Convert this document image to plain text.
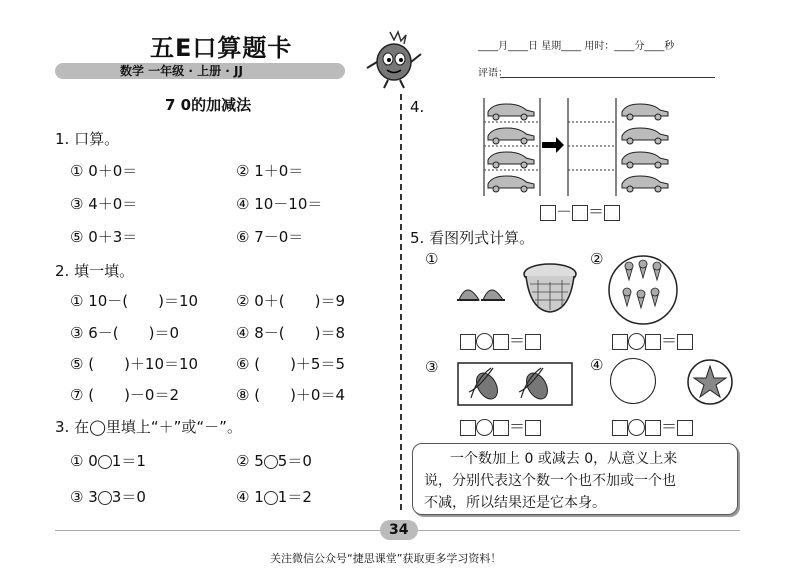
五E口算题卡
数学 一年级 · 上册 · JJ
____月____日 星期____ 用时：____分____秒
评语：
7 0的加减法
1. 口算。
① 0＋0＝	② 1＋0＝
③ 4＋0＝	④ 10－10＝
⑤ 0＋3＝	⑥ 7－0＝
2. 填一填。
① 10－( )＝10	② 0＋( )＝9
③ 6－( )＝0	④ 8－( )＝8
⑤ ( )＋10＝10	⑥ ( )＋5＝5
⑦ ( )－0＝2	⑧ ( )＋0＝4
3. 在◯里填上“＋”或“－”。
① 0 1＝1	② 5 5＝0
③ 3 3＝0	④ 1 1＝2
4.
－ ＝
5. 看图列式计算。
①
＝
②
＝
③
＝
④
＝
一个数加上 0 或减去 0，从意义上来
说，分别代表这个数一个也不加或一个也
不减，所以结果还是它本身。
34
关注微信公众号“捷思课堂”获取更多学习资料！
